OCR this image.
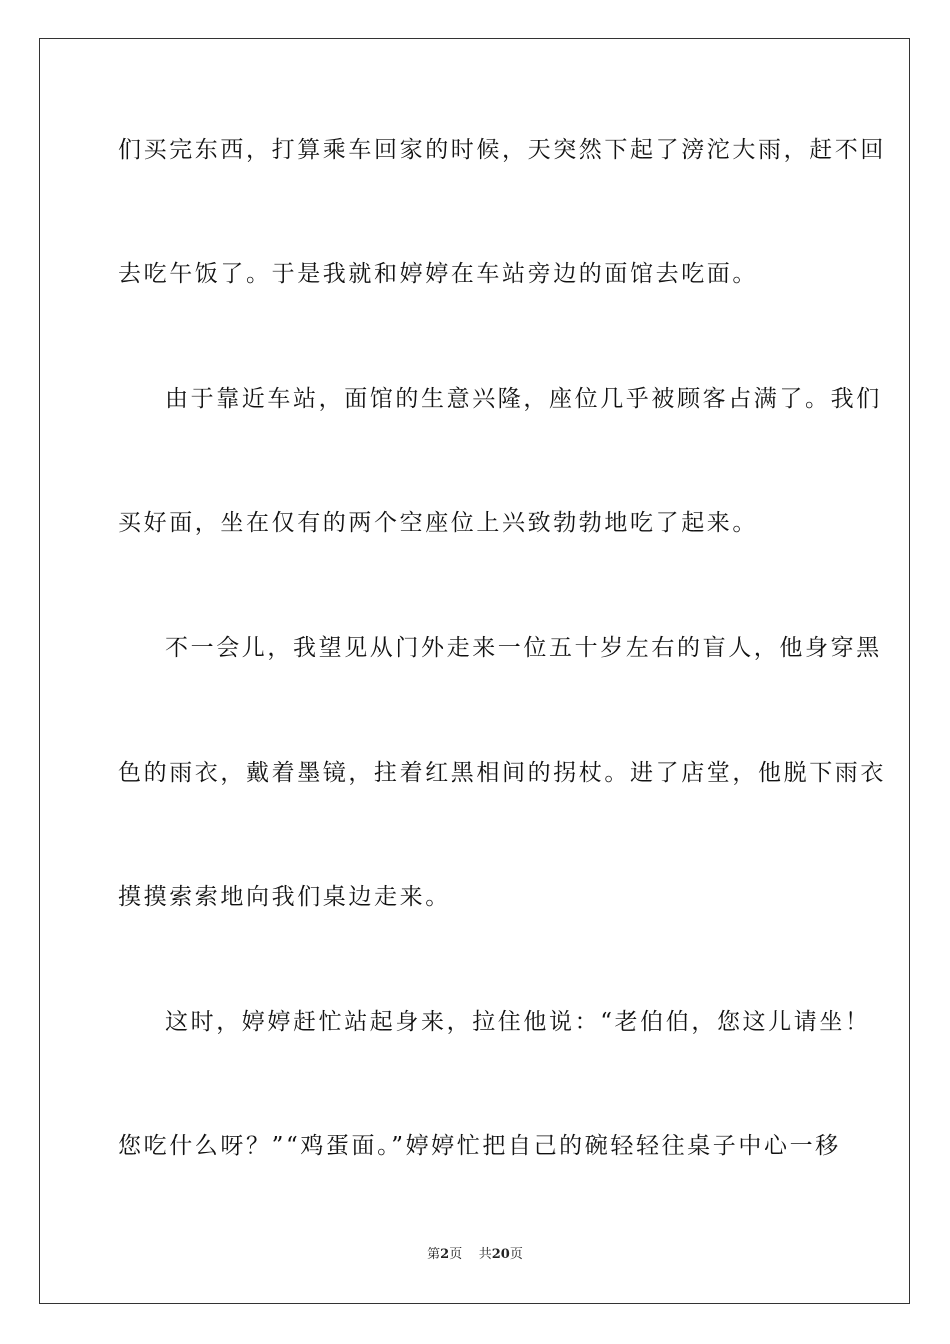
们买完东西，打算乘车回家的时候，天突然下起了滂沱大雨，赶不回
去吃午饭了。于是我就和婷婷在车站旁边的面馆去吃面。
由于靠近车站，面馆的生意兴隆，座位几乎被顾客占满了。我们
买好面，坐在仅有的两个空座位上兴致勃勃地吃了起来。
不一会儿，我望见从门外走来一位五十岁左右的盲人，他身穿黑
色的雨衣，戴着墨镜，拄着红黑相间的拐杖。进了店堂，他脱下雨衣
摸摸索索地向我们桌边走来。
这时，婷婷赶忙站起身来，拉住他说：“老伯伯，您这儿请坐！
您吃什么呀？”“鸡蛋面。”婷婷忙把自己的碗轻轻往桌子中心一移
第2页 共20页
